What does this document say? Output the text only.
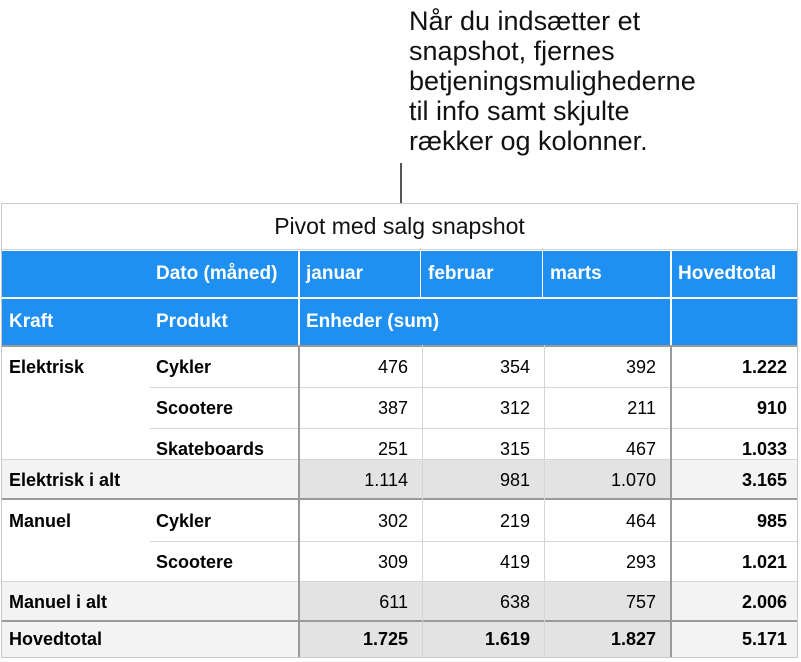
Når du indsætter et
snapshot, fjernes
betjeningsmulighederne
til info samt skjulte
rækker og kolonner.
Pivot med salg snapshot
Dato (måned)	januar	februar	marts	Hovedtotal
Kraft	Produkt	Enheder (sum)
Elektrisk	Cykler	476	354	392	1.222
Scootere	387	312	211	910
Skateboards	251	315	467	1.033
Elektrisk i alt	1.114	981	1.070	3.165
Manuel	Cykler	302	219	464	985
Scootere	309	419	293	1.021
Manuel i alt	611	638	757	2.006
Hovedtotal	1.725	1.619	1.827	5.171
